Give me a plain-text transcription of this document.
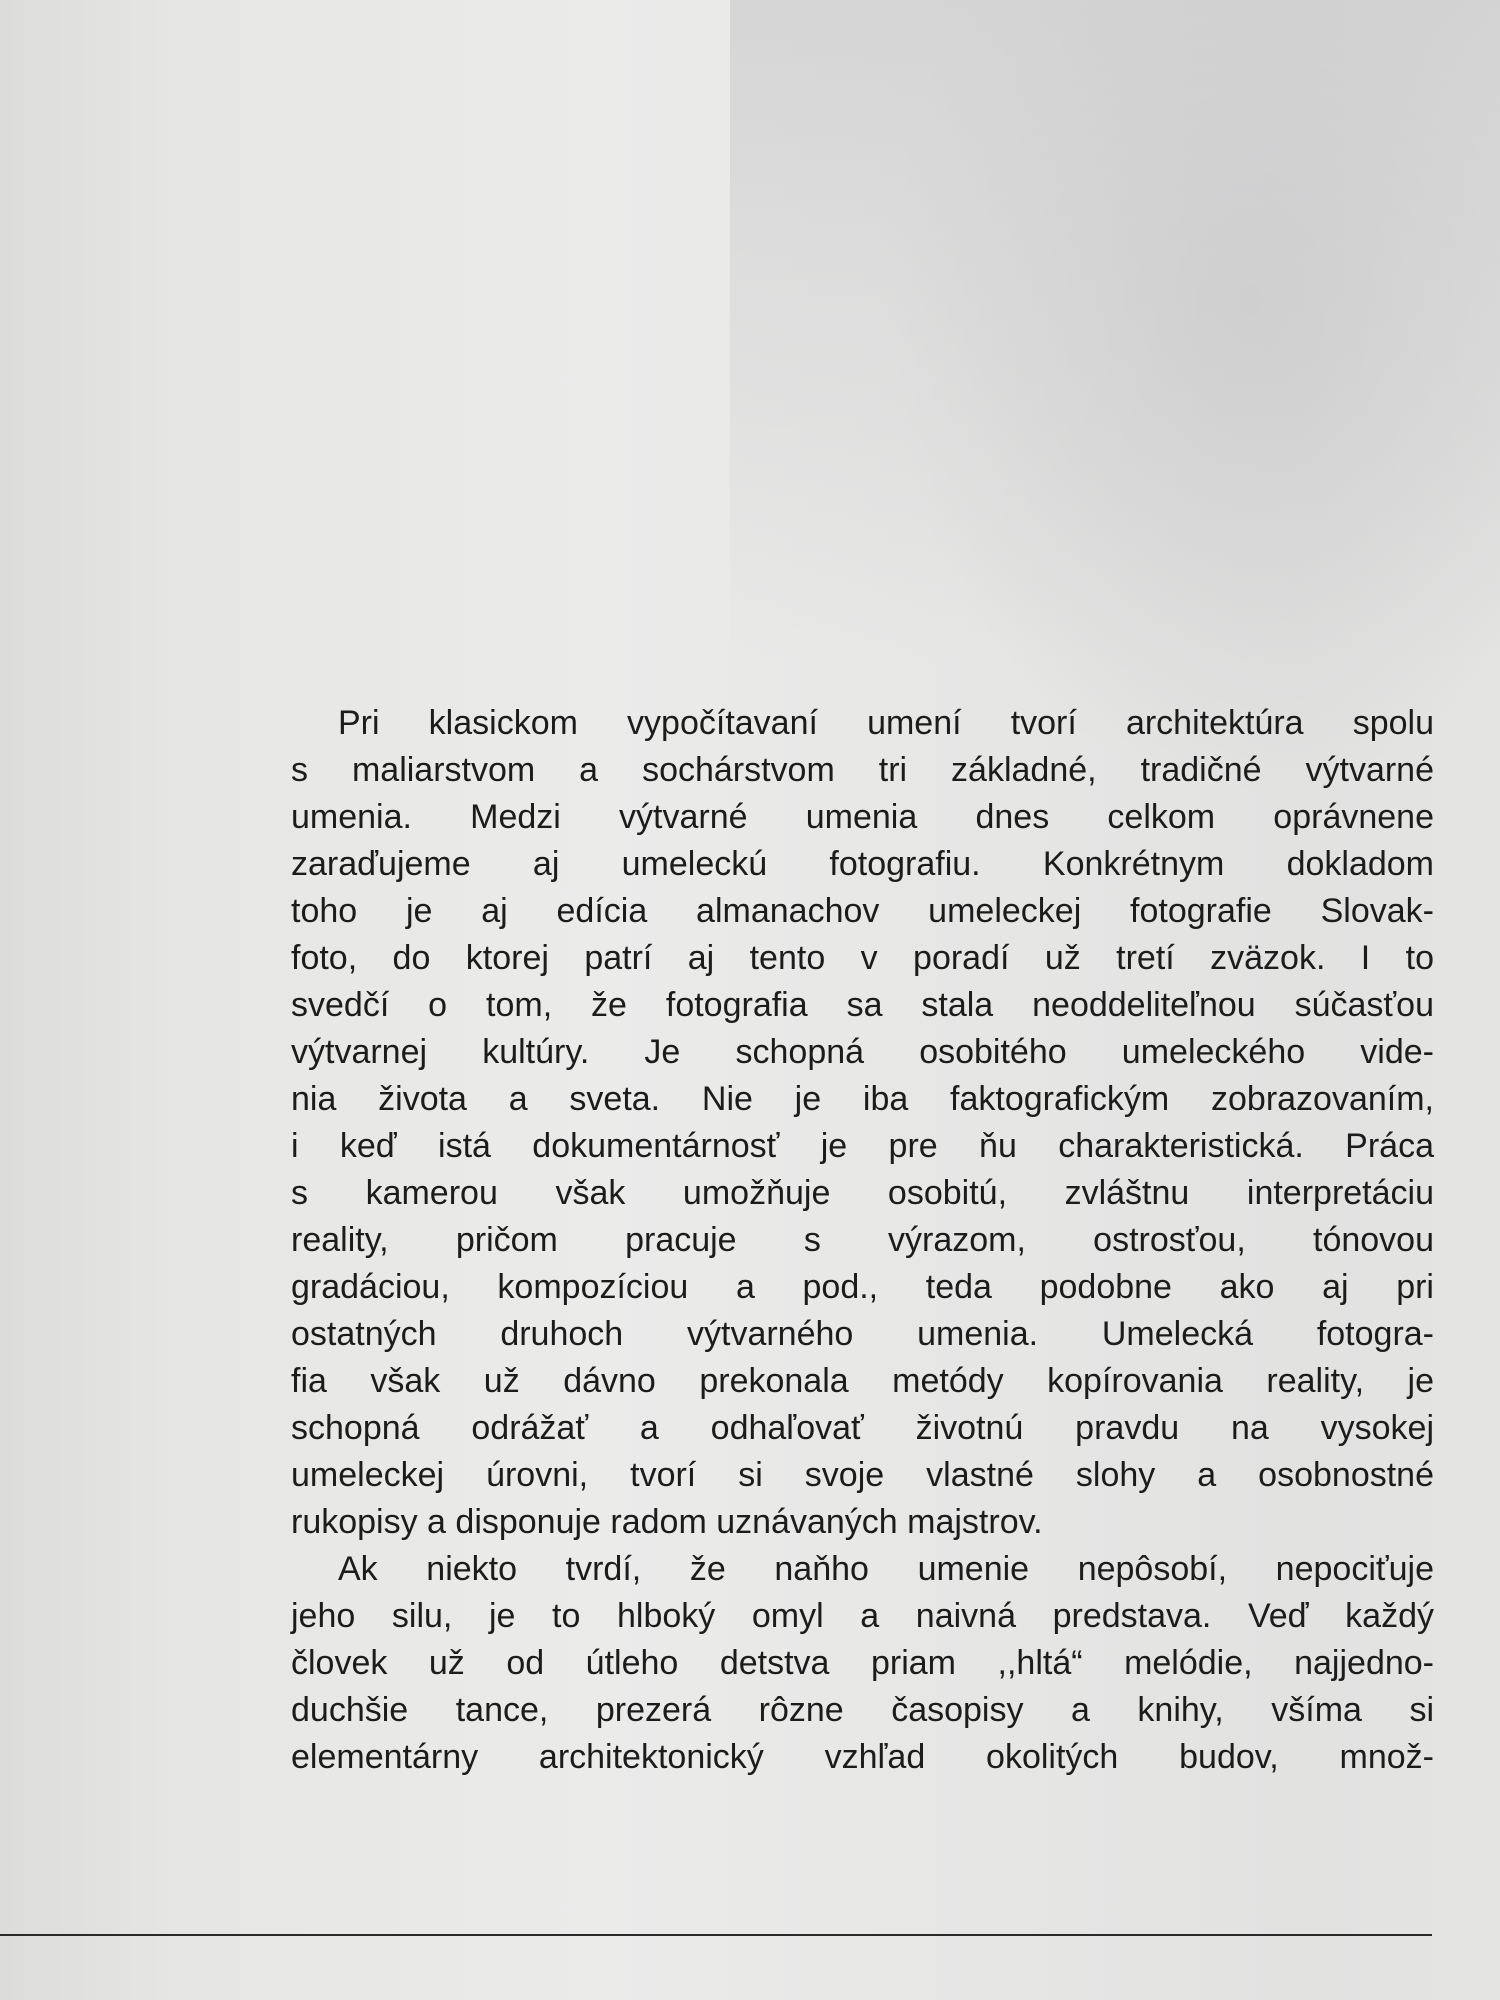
Pri klasickom vypočítavaní umení tvorí architektúra spolu
s maliarstvom a sochárstvom tri základné, tradičné výtvarné
umenia. Medzi výtvarné umenia dnes celkom oprávnene
zaraďujeme aj umeleckú fotografiu. Konkrétnym dokladom
toho je aj edícia almanachov umeleckej fotografie Slovak-
foto, do ktorej patrí aj tento v poradí už tretí zväzok. I to
svedčí o tom, že fotografia sa stala neoddeliteľnou súčasťou
výtvarnej kultúry. Je schopná osobitého umeleckého vide-
nia života a sveta. Nie je iba faktografickým zobrazovaním,
i keď istá dokumentárnosť je pre ňu charakteristická. Práca
s kamerou však umožňuje osobitú, zvláštnu interpretáciu
reality, pričom pracuje s výrazom, ostrosťou, tónovou
gradáciou, kompozíciou a pod., teda podobne ako aj pri
ostatných druhoch výtvarného umenia. Umelecká fotogra-
fia však už dávno prekonala metódy kopírovania reality, je
schopná odrážať a odhaľovať životnú pravdu na vysokej
umeleckej úrovni, tvorí si svoje vlastné slohy a osobnostné
rukopisy a disponuje radom uznávaných majstrov.
Ak niekto tvrdí, že naňho umenie nepôsobí, nepociťuje
jeho silu, je to hlboký omyl a naivná predstava. Veď každý
človek už od útleho detstva priam ,,hltá“ melódie, najjedno-
duchšie tance, prezerá rôzne časopisy a knihy, všíma si
elementárny architektonický vzhľad okolitých budov, množ-
